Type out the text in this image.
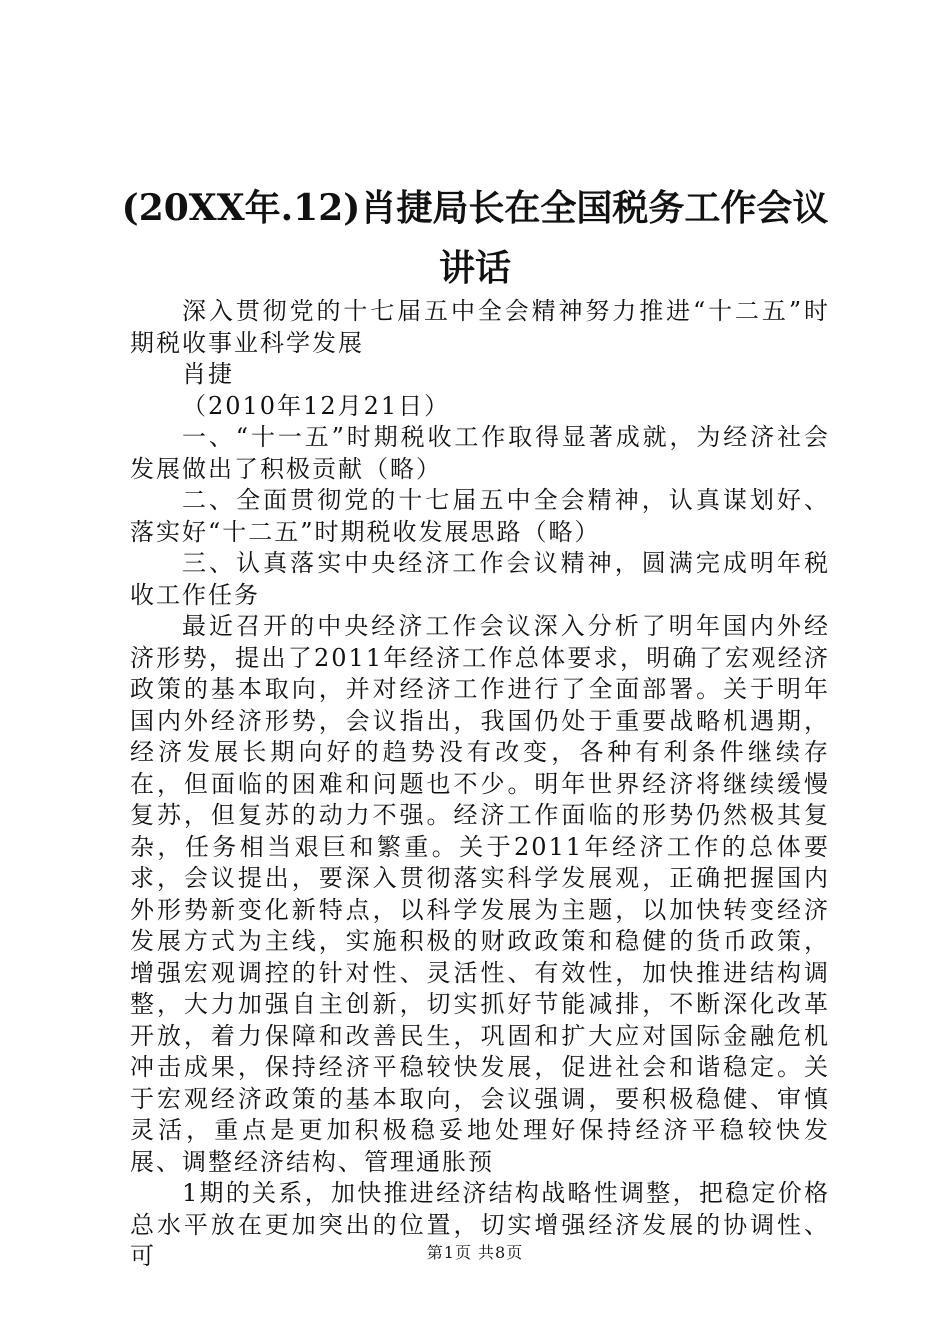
(20XX年.12)肖捷局长在全国税务工作会议讲话

深入贯彻党的十七届五中全会精神努力推进“十二五”时期税收事业科学发展

肖捷

（2010年12月21日）

一、“十一五”时期税收工作取得显著成就，为经济社会发展做出了积极贡献（略）

二、全面贯彻党的十七届五中全会精神，认真谋划好、落实好“十二五”时期税收发展思路（略）

三、认真落实中央经济工作会议精神，圆满完成明年税收工作任务

最近召开的中央经济工作会议深入分析了明年国内外经济形势，提出了2011年经济工作总体要求，明确了宏观经济政策的基本取向，并对经济工作进行了全面部署。关于明年国内外经济形势，会议指出，我国仍处于重要战略机遇期，经济发展长期向好的趋势没有改变，各种有利条件继续存在，但面临的困难和问题也不少。明年世界经济将继续缓慢复苏，但复苏的动力不强。经济工作面临的形势仍然极其复杂，任务相当艰巨和繁重。关于2011年经济工作的总体要求，会议提出，要深入贯彻落实科学发展观，正确把握国内外形势新变化新特点，以科学发展为主题，以加快转变经济发展方式为主线，实施积极的财政政策和稳健的货币政策，增强宏观调控的针对性、灵活性、有效性，加快推进结构调整，大力加强自主创新，切实抓好节能减排，不断深化改革开放，着力保障和改善民生，巩固和扩大应对国际金融危机冲击成果，保持经济平稳较快发展，促进社会和谐稳定。关于宏观经济政策的基本取向，会议强调，要积极稳健、审慎灵活，重点是更加积极稳妥地处理好保持经济平稳较快发展、调整经济结构、管理通胀预

1期的关系，加快推进经济结构战略性调整，把稳定价格总水平放在更加突出的位置，切实增强经济发展的协调性、可	第1页 共8页
